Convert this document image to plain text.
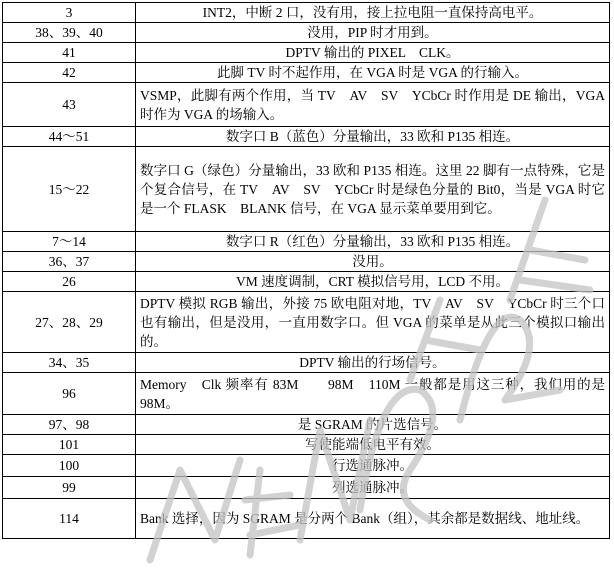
3	INT2，中断 2 口，没有用，接上拉电阻一直保持高电平。
38、39、40	没用，PIP 时才用到。
41	DPTV 输出的 PIXEL　CLK。
42	此脚 TV 时不起作用，在 VGA 时是 VGA 的行输入。
43	VSMP，此脚有两个作用，当 TV　AV　SV　YCbCr 时作用是 DE 输出，VGA 时作为 VGA 的场输入。
44～51	数字口 B（蓝色）分量输出，33 欧和 P135 相连。
15～22	数字口 G（绿色）分量输出，33 欧和 P135 相连。这里 22 脚有一点特殊，它是个复合信号，在 TV　AV　SV　YCbCr 时是绿色分量的 Bit0，当是 VGA 时它是一个 FLASK　BLANK 信号，在 VGA 显示菜单要用到它。
7～14	数字口 R（红色）分量输出，33 欧和 P135 相连。
36、37	没用。
26	VM 速度调制，CRT 模拟信号用，LCD 不用。
27、28、29	DPTV 模拟 RGB 输出，外接 75 欧电阻对地，TV　AV　SV　YCbCr 时三个口也有输出，但是没用，一直用数字口。但 VGA 的菜单是从此三个模拟口输出的。
34、35	DPTV 输出的行场信号。
96	Memory　Clk 频率有 83M　　98M　110M 一般都是用这三种，我们用的是 98M。
97、98	是 SGRAM 的片选信号。
101	写使能端低电平有效。
100	行选通脉冲。
99	列选通脉冲。
114	Bank 选择，因为 SGRAM 是分两个 Bank（组），其余都是数据线、地址线。
